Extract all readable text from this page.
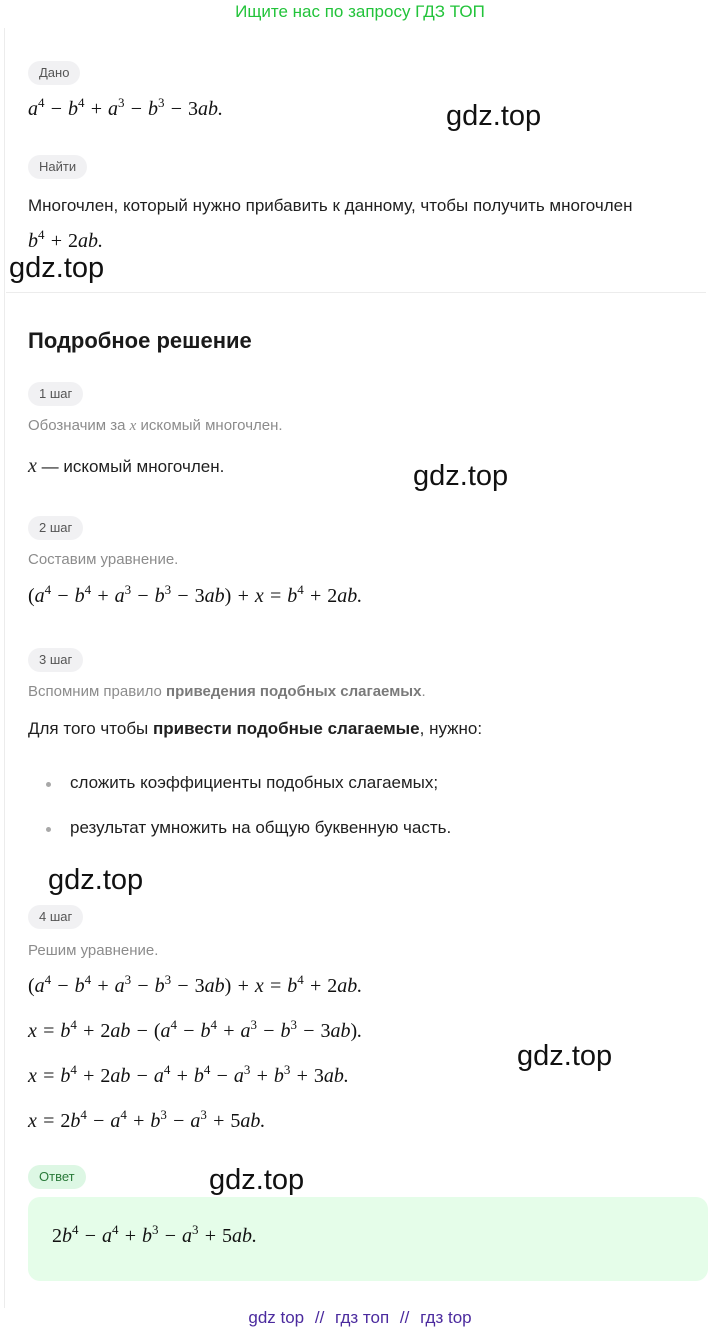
Ищите нас по запросу ГДЗ ТОП
Дано
$a^4 - b^4 + a^3 - b^3 - 3ab$.
Найти
Многочлен, который нужно прибавить к данному, чтобы получить многочлен
$b^4 + 2ab$.
Подробное решение
1 шаг
Обозначим за x искомый многочлен.
x — искомый многочлен.
2 шаг
Составим уравнение.
$(a^4 - b^4 + a^3 - b^3 - 3ab) + x = b^4 + 2ab$.
3 шаг
Вспомним правило приведения подобных слагаемых.
Для того чтобы привести подобные слагаемые, нужно:
сложить коэффициенты подобных слагаемых;
результат умножить на общую буквенную часть.
4 шаг
Решим уравнение.
$(a^4 - b^4 + a^3 - b^3 - 3ab) + x = b^4 + 2ab$.
$x = b^4 + 2ab - (a^4 - b^4 + a^3 - b^3 - 3ab)$.
$x = b^4 + 2ab - a^4 + b^4 - a^3 + b^3 + 3ab$.
$x = 2b^4 - a^4 + b^3 - a^3 + 5ab$.
Ответ
$2b^4 - a^4 + b^3 - a^3 + 5ab$.
gdz.top
gdz.top
gdz.top
gdz.top
gdz.top
gdz.top
gdz top // гдз топ // гдз top
